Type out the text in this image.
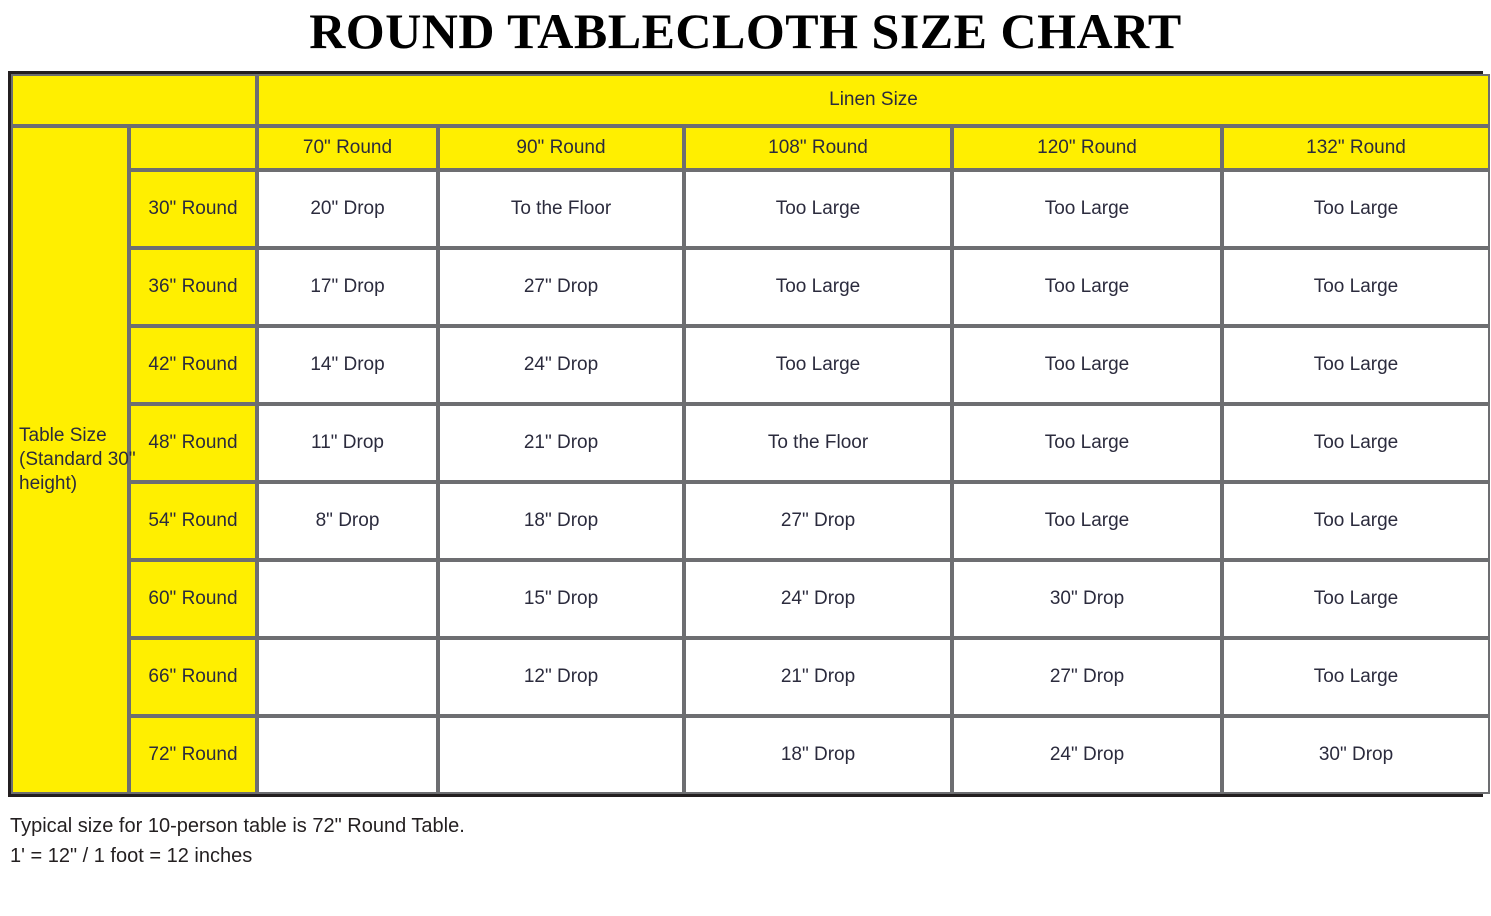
ROUND TABLECLOTH SIZE CHART
		Linen Size				

Table Size (Standard 30" height)		70" Round	90" Round	108" Round	120" Round	132" Round
	30" Round	20" Drop	To the Floor	Too Large	Too Large	Too Large
	36" Round	17" Drop	27" Drop	Too Large	Too Large	Too Large
	42" Round	14" Drop	24" Drop	Too Large	Too Large	Too Large
	48" Round	11" Drop	21" Drop	To the Floor	Too Large	Too Large
	54" Round	8" Drop	18" Drop	27" Drop	Too Large	Too Large
	60" Round		15" Drop	24" Drop	30" Drop	Too Large
	66" Round		12" Drop	21" Drop	27" Drop	Too Large
	72" Round			18" Drop	24" Drop	30" Drop
Typical size for 10-person table is 72" Round Table.
1' = 12" / 1 foot = 12 inches
